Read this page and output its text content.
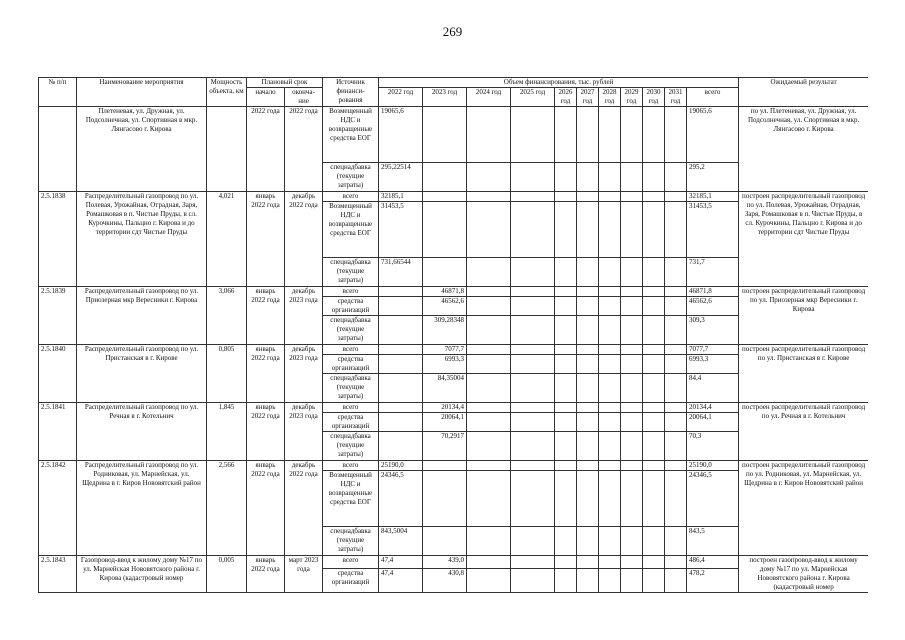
269
№ п/п	Наименование мероприятия	Мощность объекта, км	Плановый срок		Источник финанси-рования	Объем финансирования, тыс. рублей											Ожидаемый результат
			начало	оконча-ние		2022 год	2023 год	2024 год	2025 год	2026 год	2027 год	2028 год	2029 год	2030 год	2031 год	всего	
	Плетеневая, ул. Дружная, ул. Подсолнечная, ул. Спортивная в мкр. Лянгасово г. Кирова		2022 года	2022 года	Возмещенный НДС и возвращенные средства ЕОГ	19065,6										19065,6	по ул. Плетеневая, ул. Дружная, ул. Подсолнечная, ул. Спортивная в мкр. Лянгасово г. Кирова
					спецнадбавка (текущие затраты)	295,22514										295,2	
2.5.1838	Распределительный газопровод по ул. Полевая, Урожайная, Отрадная, Заря, Ромашковая в п. Чистые Пруды, в сл. Курочкины, Пальцно г. Кирова и до территории сдт Чистые Пруды	4,021	январь 2022 года	декабрь 2022 года	всего	32185,1										32185,1	построен распределительный газопровод по ул. Полевая, Урожайная, Отрадная, Заря, Ромашковая в п. Чистые Пруды, в сл. Курочкины, Пальцно г. Кирова и до территории сдт Чистые Пруды
					Возмещенный НДС и возвращенные средства ЕОГ	31453,5										31453,5	
					спецнадбавка (текущие затраты)	731,66544										731,7	
2.5.1839	Распределительный газопровод по ул. Приозерная мкр Вересники г. Кирова	3,066	январь 2022 года	декабрь 2023 года	всего		46871,8									46871,8	построен распределительный газопровод по ул. Приозерная мкр Вересники г. Кирова
					средства организаций		46562,6									46562,6	
					спецнадбавка (текущие затраты)		309,28348									309,3	
2.5.1840	Распределительный газопровод по ул. Пристанская в г. Кирове	0,805	январь 2022 года	декабрь 2023 года	всего		7077,7									7077,7	построен распределительный газопровод по ул. Пристанская в г. Кирове
					средства организаций		6993,3									6993,3	
					спецнадбавка (текущие затраты)		84,35004									84,4	
2.5.1841	Распределительный газопровод по ул. Речная в г. Котельнич	1,845	январь 2022 года	декабрь 2023 года	всего		20134,4									20134,4	построен распределительный газопровод по ул. Речная в г. Котельнич
					средства организаций		20064,1									20064,1	
					спецнадбавка (текущие затраты)		70,2917									70,3	
2.5.1842	Распределительный газопровод по ул. Родниковая, ул. Марнейская, ул. Щедрина в г. Киров Нововятский район	2,566	январь 2022 года	декабрь 2022 года	всего	25190,0										25190,0	построен распределительный газопровод по ул. Родниковая, ул. Марнейская, ул. Щедрина в г. Киров Нововятский район
					Возмещенный НДС и возвращенные средства ЕОГ	24346,5										24346,5	
					спецнадбавка (текущие затраты)	843,5004										843,5	
2.5.1843	Газопровод-ввод к жилому дому №17 по ул. Марнейская Нововятского района г. Кирова (кадастровый номер	0,005	январь 2022 года	март 2023 года	всего	47,4	439,0									486,4	построен газопровод-ввод к жилому дому №17 по ул. Марнейская Нововятского района г. Кирова (кадастровый номер
					средства организаций	47,4	430,8									478,2	
